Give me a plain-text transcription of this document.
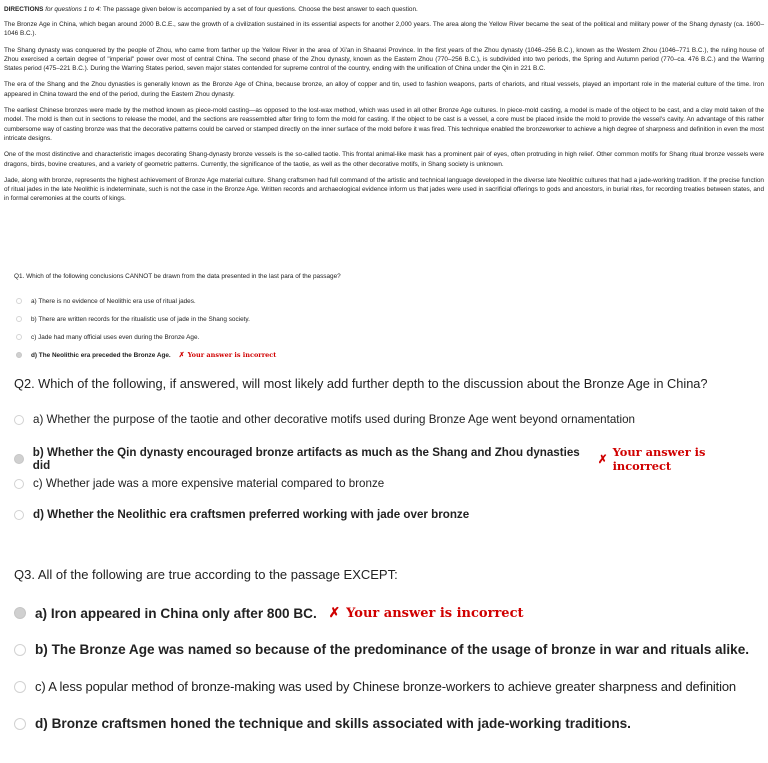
DIRECTIONS for questions 1 to 4: The passage given below is accompanied by a set of four questions. Choose the best answer to each question.

The Bronze Age in China, which began around 2000 B.C.E., saw the growth of a civilization sustained in its essential aspects for another 2,000 years. The area along the Yellow River became the seat of the political and military power of the Shang dynasty (ca. 1600–1046 B.C.).

The Shang dynasty was conquered by the people of Zhou, who came from farther up the Yellow River in the area of Xi'an in Shaanxi Province. In the first years of the Zhou dynasty (1046–256 B.C.), known as the Western Zhou (1046–771 B.C.), the ruling house of Zhou exercised a certain degree of "imperial" power over most of central China. The second phase of the Zhou dynasty, known as the Eastern Zhou (770–256 B.C.), is subdivided into two periods, the Spring and Autumn period (770–ca. 476 B.C.) and the Warring States period (475–221 B.C.). During the Warring States period, seven major states contended for supreme control of the country, ending with the unification of China under the Qin in 221 B.C.

The era of the Shang and the Zhou dynasties is generally known as the Bronze Age of China, because bronze, an alloy of copper and tin, used to fashion weapons, parts of chariots, and ritual vessels, played an important role in the material culture of the time. Iron appeared in China toward the end of the period, during the Eastern Zhou dynasty.

The earliest Chinese bronzes were made by the method known as piece-mold casting—as opposed to the lost-wax method, which was used in all other Bronze Age cultures. In piece-mold casting, a model is made of the object to be cast, and a clay mold taken of the model. The mold is then cut in sections to release the model, and the sections are reassembled after firing to form the mold for casting. If the object to be cast is a vessel, a core must be placed inside the mold to provide the vessel's cavity. An advantage of this rather cumbersome way of casting bronze was that the decorative patterns could be carved or stamped directly on the inner surface of the mold before it was fired. This technique enabled the bronzeworker to achieve a high degree of sharpness and definition in even the most intricate designs.

One of the most distinctive and characteristic images decorating Shang-dynasty bronze vessels is the so-called taotie. This frontal animal-like mask has a prominent pair of eyes, often protruding in high relief. Other common motifs for Shang ritual bronze vessels were dragons, birds, bovine creatures, and a variety of geometric patterns. Currently, the significance of the taotie, as well as the other decorative motifs, in Shang society is unknown.

Jade, along with bronze, represents the highest achievement of Bronze Age material culture. Shang craftsmen had full command of the artistic and technical language developed in the diverse late Neolithic cultures that had a jade-working tradition. If the precise function of ritual jades in the late Neolithic is indeterminate, such is not the case in the Bronze Age. Written records and archaeological evidence inform us that jades were used in sacrificial offerings to gods and ancestors, in burial rites, for recording treaties between states, and in formal ceremonies at the courts of kings.

Q1. Which of the following conclusions CANNOT be drawn from the data presented in the last para of the passage?

a) There is no evidence of Neolithic era use of ritual jades.
b) There are written records for the ritualistic use of jade in the Shang society.
c) Jade had many official uses even during the Bronze Age.
d) The Neolithic era preceded the Bronze Age. ✗ Your answer is incorrect

Q2. Which of the following, if answered, will most likely add further depth to the discussion about the Bronze Age in China?

a) Whether the purpose of the taotie and other decorative motifs used during Bronze Age went beyond ornamentation
b) Whether the Qin dynasty encouraged bronze artifacts as much as the Shang and Zhou dynasties did	✗
Your answer is incorrect
c) Whether jade was a more expensive material compared to bronze
d) Whether the Neolithic era craftsmen preferred working with jade over bronze

Q3. All of the following are true according to the passage EXCEPT:

a) Iron appeared in China only after 800 BC. ✗ Your answer is incorrect
b) The Bronze Age was named so because of the predominance of the usage of bronze in war and rituals alike.
c) A less popular method of bronze-making was used by Chinese bronze-workers to achieve greater sharpness and definition
d) Bronze craftsmen honed the technique and skills associated with jade-working traditions.
